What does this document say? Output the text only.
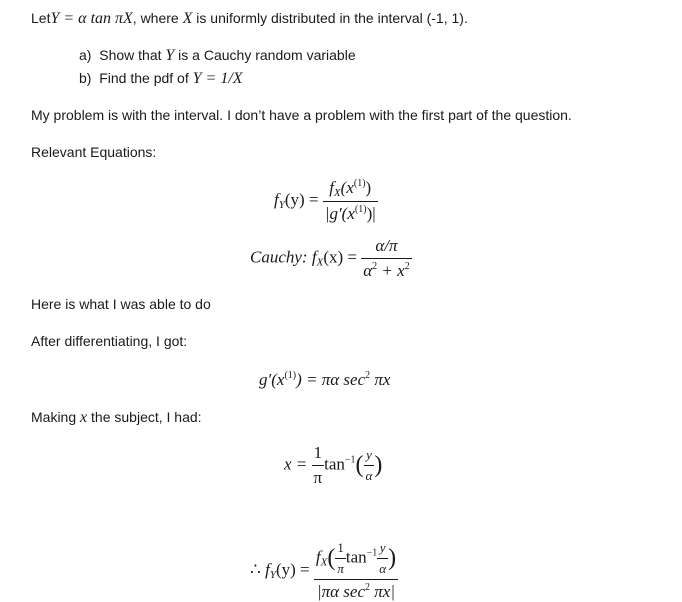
LetY = α tan πX, where X is uniformly distributed in the interval (-1, 1).
a) Show that Y is a Cauchy random variable
b) Find the pdf of Y = 1/X
My problem is with the interval. I don’t have a problem with the first part of the question.
Relevant Equations:
$f_Y(y) = \frac{f_X(x^{(1)})}{|g'(x^{(1)})|}$
Cauchy: $f_X(x) = \frac{\alpha/\pi}{\alpha^2 + x^2}$
Here is what I was able to do
After differentiating, I got:
$g'(x^{(1)}) = \pi\alpha$ $\sec^2 \pi x$
Making x the subject, I had:
$x = \frac{1}{\pi} \tan^{-1}( \frac{y}{\alpha}$ )
∴ $f_Y(y) = \frac{f_X( \frac{1}{\pi} \tan^{-1} \frac{y}{\alpha} )}{|\pi\alpha \sec^2 \pi x|}$
